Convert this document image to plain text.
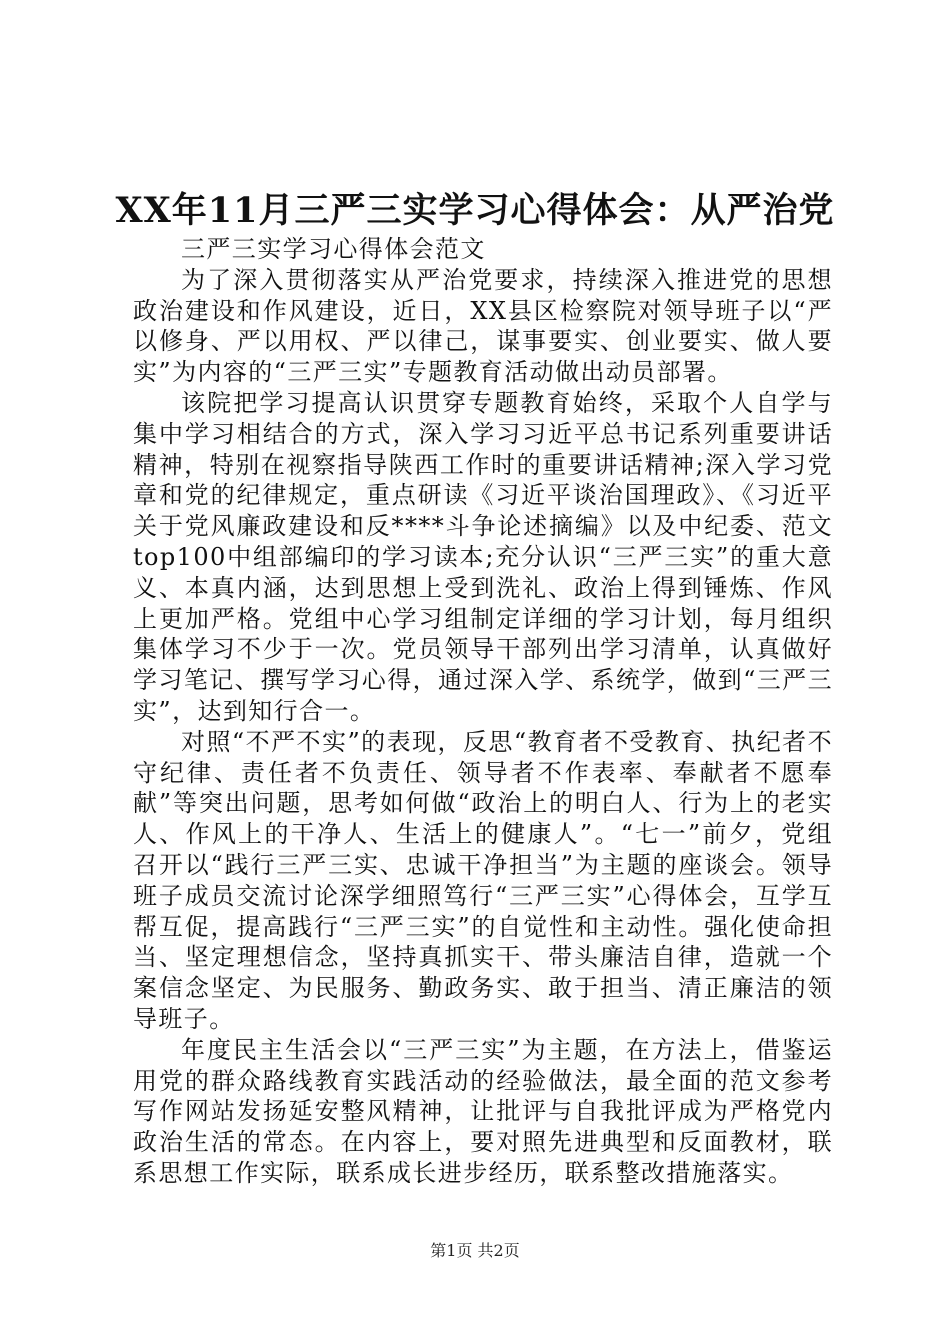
XX年11月三严三实学习心得体会：从严治党

三严三实学习心得体会范文

为了深入贯彻落实从严治党要求，持续深入推进党的思想政治建设和作风建设，近日，XX县区检察院对领导班子以“严以修身、严以用权、严以律己，谋事要实、创业要实、做人要实”为内容的“三严三实”专题教育活动做出动员部署。

该院把学习提高认识贯穿专题教育始终，采取个人自学与集中学习相结合的方式，深入学习习近平总书记系列重要讲话精神，特别在视察指导陕西工作时的重要讲话精神;深入学习党章和党的纪律规定，重点研读《习近平谈治国理政》、《习近平关于党风廉政建设和反****斗争论述摘编》以及中纪委、范文top100中组部编印的学习读本;充分认识“三严三实”的重大意义、本真内涵，达到思想上受到洗礼、政治上得到锤炼、作风上更加严格。党组中心学习组制定详细的学习计划，每月组织集体学习不少于一次。党员领导干部列出学习清单，认真做好学习笔记、撰写学习心得，通过深入学、系统学，做到“三严三实”，达到知行合一。

对照“不严不实”的表现，反思“教育者不受教育、执纪者不守纪律、责任者不负责任、领导者不作表率、奉献者不愿奉献”等突出问题，思考如何做“政治上的明白人、行为上的老实人、作风上的干净人、生活上的健康人”。“七一”前夕，党组召开以“践行三严三实、忠诚干净担当”为主题的座谈会。领导班子成员交流讨论深学细照笃行“三严三实”心得体会，互学互帮互促，提高践行“三严三实”的自觉性和主动性。强化使命担当、坚定理想信念，坚持真抓实干、带头廉洁自律，造就一个案信念坚定、为民服务、勤政务实、敢于担当、清正廉洁的领导班子。

年度民主生活会以“三严三实”为主题，在方法上，借鉴运用党的群众路线教育实践活动的经验做法，最全面的范文参考写作网站发扬延安整风精神，让批评与自我批评成为严格党内政治生活的常态。在内容上，要对照先进典型和反面教材，联系思想工作实际，联系成长进步经历，联系整改措施落实。

第1页 共2页
